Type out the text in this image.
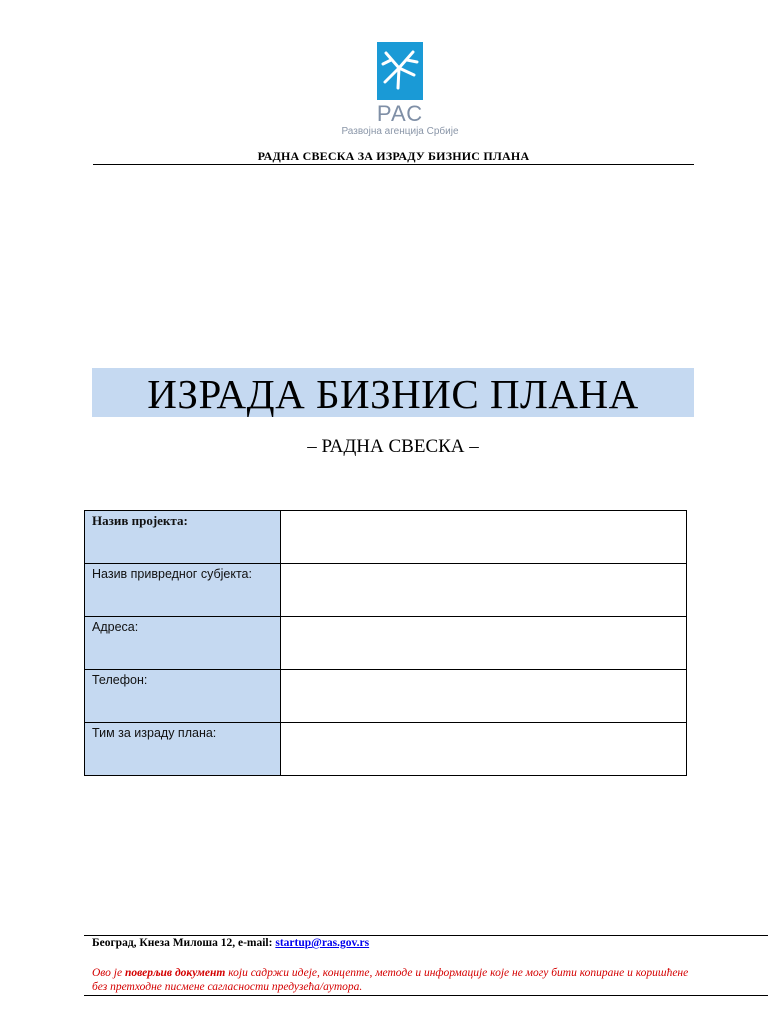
РАС
Развојна агенција Србије
РАДНА СВЕСКА ЗА ИЗРАДУ БИЗНИС ПЛАНА
ИЗРАДА БИЗНИС ПЛАНА
– РАДНА СВЕСКА –
Назив пројекта:	
Назив привредног субјекта:	
Адреса:	
Телефон:	
Тим за израду плана:	
Београд, Кнеза Милоша 12, e-mail: startup@ras.gov.rs
Ово је поверљив документ који садржи идеје, концепте, методе и информације које не могу бити копиране и коришћене без претходне писмене сагласности предузећа/аутора.
